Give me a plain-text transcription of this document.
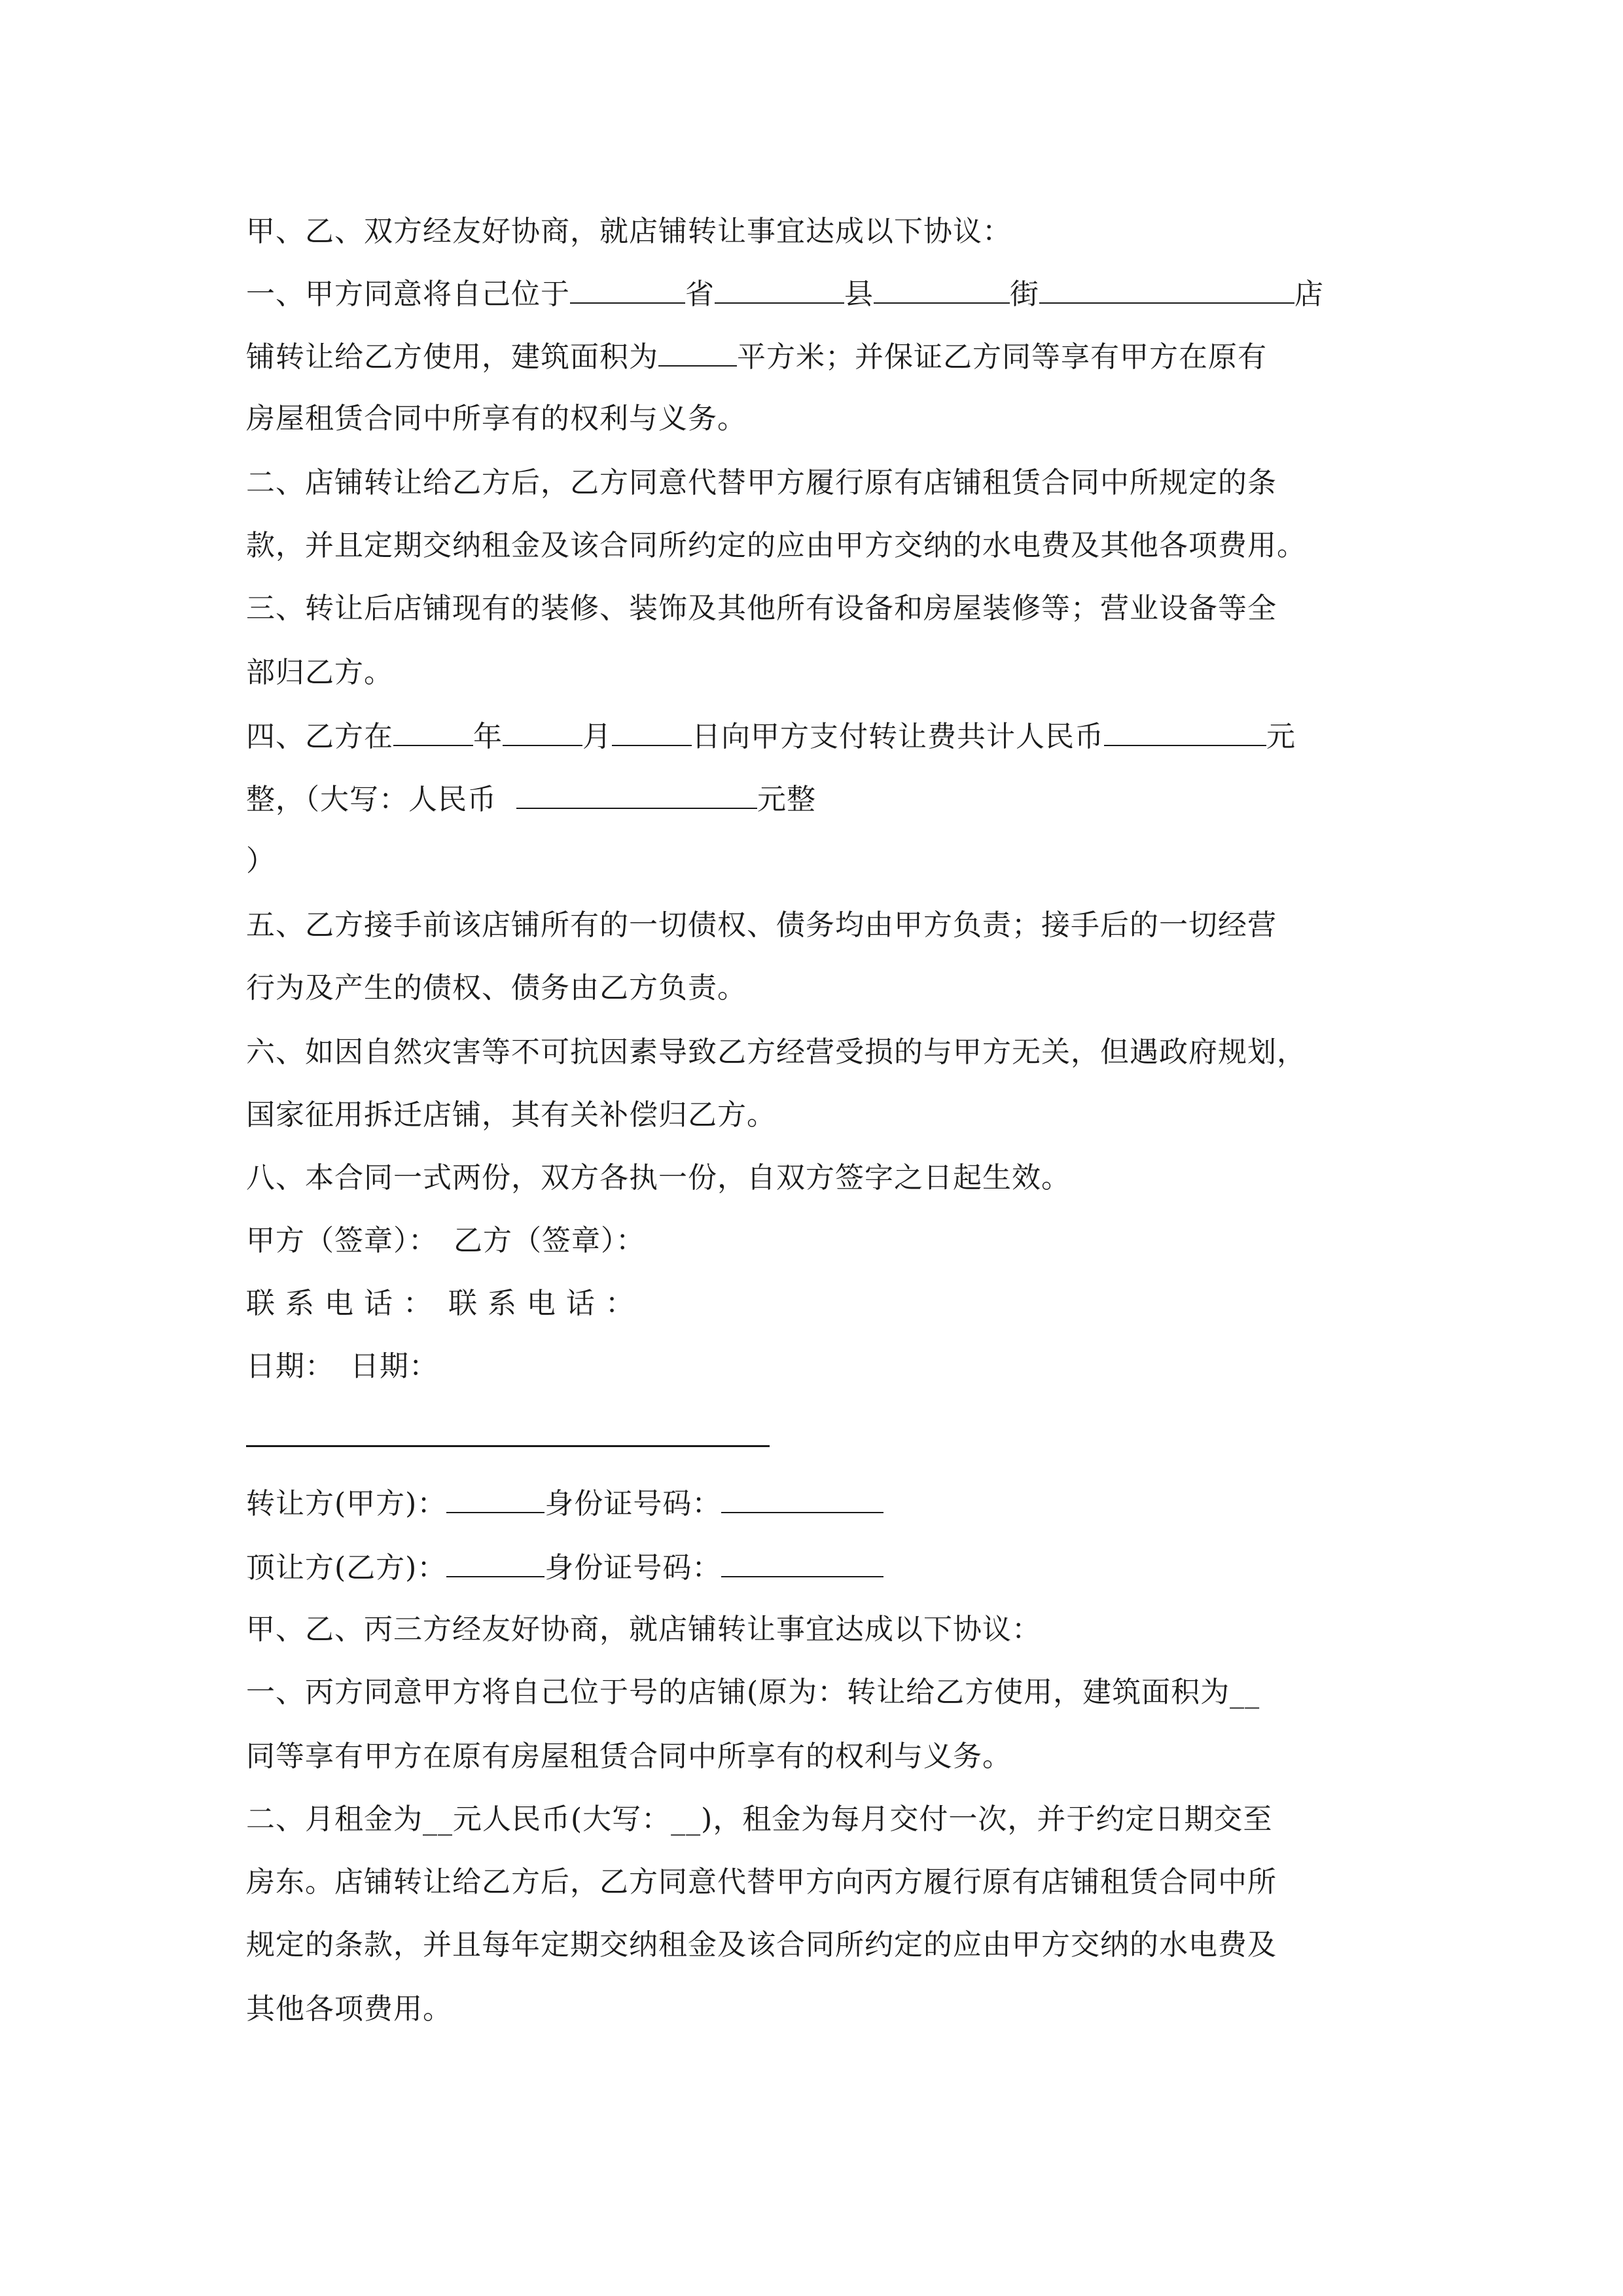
甲、乙、双方经友好协商，就店铺转让事宜达成以下协议：
一、甲方同意将自己位于	省	县	街	店
铺转让给乙方使用，建筑面积为	平方米；并保证乙方同等享有甲方在原有
房屋租赁合同中所享有的权利与义务。
二、店铺转让给乙方后，乙方同意代替甲方履行原有店铺租赁合同中所规定的条
款，并且定期交纳租金及该合同所约定的应由甲方交纳的水电费及其他各项费用。
三、转让后店铺现有的装修、装饰及其他所有设备和房屋装修等；营业设备等全
部归乙方。
四、乙方在	年	月	日向甲方支付转让费共计人民币	元
整，（大写：人民币	元整
）
五、乙方接手前该店铺所有的一切债权、债务均由甲方负责；接手后的一切经营
行为及产生的债权、债务由乙方负责。
六、如因自然灾害等不可抗因素导致乙方经营受损的与甲方无关，但遇政府规划，
国家征用拆迁店铺，其有关补偿归乙方。
八、本合同一式两份，双方各执一份，自双方签字之日起生效。
甲方（签章）： 乙方（签章）：
联 系 电 话 ： 联 系 电 话 ：
日期： 日期：
转让方(甲方)：	身份证号码：
顶让方(乙方)：	身份证号码：
甲、乙、丙三方经友好协商，就店铺转让事宜达成以下协议：
一、丙方同意甲方将自己位于号的店铺(原为：转让给乙方使用，建筑面积为__
同等享有甲方在原有房屋租赁合同中所享有的权利与义务。
二、月租金为__元人民币(大写：__)，租金为每月交付一次，并于约定日期交至
房东。店铺转让给乙方后，乙方同意代替甲方向丙方履行原有店铺租赁合同中所
规定的条款，并且每年定期交纳租金及该合同所约定的应由甲方交纳的水电费及
其他各项费用。
